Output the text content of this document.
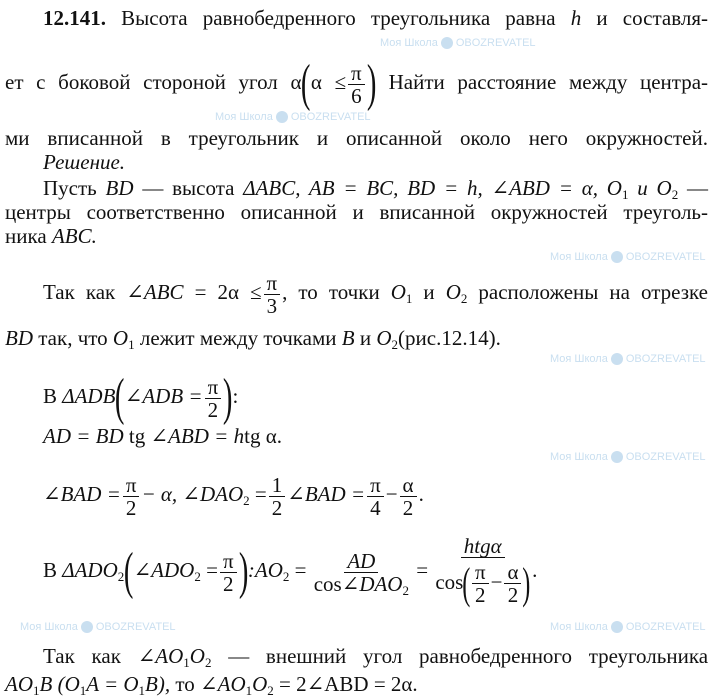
Моя Школа OBOZREVATEL
Моя Школа OBOZREVATEL
Моя Школа OBOZREVATEL
Моя Школа OBOZREVATEL
Моя Школа OBOZREVATEL
Моя Школа OBOZREVATEL	Моя Школа OBOZREVATEL
12.141. Высота равнобедренного треугольника равна h и составля-
ет с боковой стороной угол $\alpha(\alpha \le \frac{\pi}{6}$ ) Найти расстояние между центра-
ми вписанной в треугольник и описанной около него окружностей.
Решение.
Пусть BD — высота ΔABC, AB = BC, BD = h, ∠ABD = α, $O_1$ и $O_2$ —
центры соответственно описанной и вписанной окружностей треуголь-
ника ABC.
Так как ∠ABC = $2\alpha \le \frac{\pi}{3}$ , то точки $O_1$ и $O_2$ расположены на отрезке
BD так, что $O_1$ лежит между точками B и $O_2(рис.12.14)$.
В ΔADB(∠ADB = $\frac{\pi}{2}$ ):
AD = BD tg ∠ABD = htg α.
∠BAD = $\frac{\pi}{2} - \alpha$, $\angle DAO_2 = \frac{1}{2}$ ∠BAD = $\frac{\pi}{4} - \frac{\alpha}{2}$ .
В $\Delta ADO_2(\angle ADO_2 = \frac{\pi}{2}$ )$:AO_2$ = AD
$\cos\angle DAO_2$
=
htgα
$\cos( \frac{\pi}{2} - \frac{\alpha}{2}$ ) .
Так как $\angle AO_1O_2$ — внешний угол равнобедренного треугольника
$AO_1B$ $(O_1A = O_1B)$, то $\angle AO_1O_2$ = 2∠ABD = 2α.
